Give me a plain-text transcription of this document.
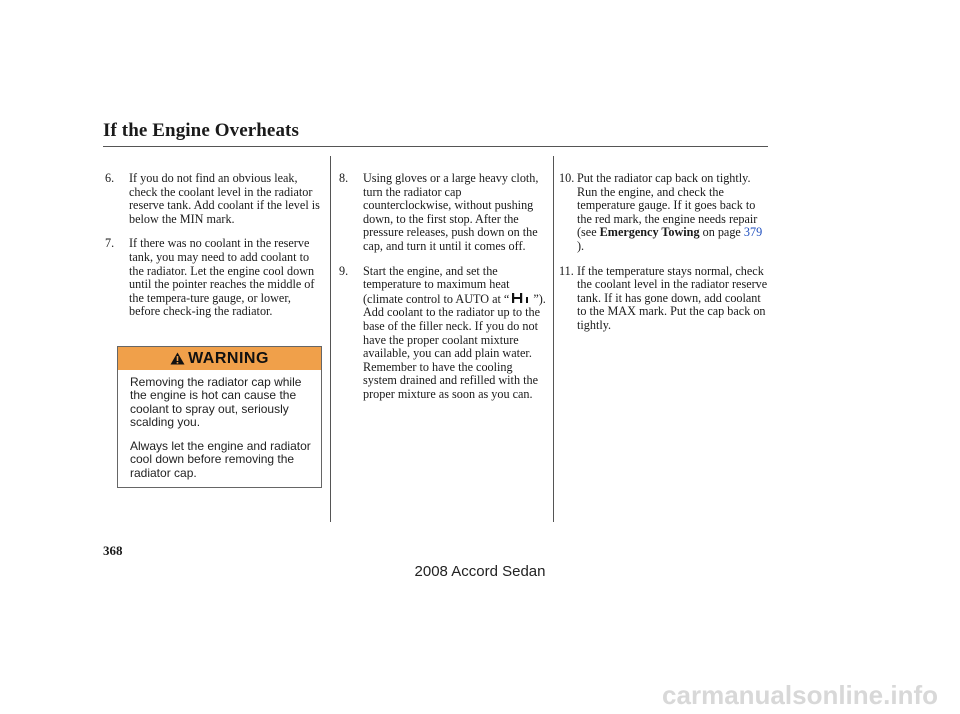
If the Engine Overheats
6.	If you do not find an obvious leak, check the coolant level in the radiator reserve tank. Add coolant if the level is below the MIN mark.

7.	If there was no coolant in the reserve tank, you may need to add coolant to the radiator. Let the engine cool down until the pointer reaches the middle of the tempera-ture gauge, or lower, before check-ing the radiator.

WARNING

Removing the radiator cap while the engine is hot can cause the coolant to spray out, seriously scalding you.

Always let the engine and radiator cool down before removing the radiator cap.

8.	Using gloves or a large heavy cloth, turn the radiator cap counterclockwise, without pushing down, to the first stop. After the pressure releases, push down on the cap, and turn it until it comes off.

9.	Start the engine, and set the temperature to maximum heat (climate control to AUTO at “ ”). Add coolant to the radiator up to the base of the filler neck. If you do not have the proper coolant mixture available, you can add plain water. Remember to have the cooling system drained and refilled with the proper mixture as soon as you can.

10. Put the radiator cap back on tightly. Run the engine, and check the temperature gauge. If it goes back to the red mark, the engine needs repair (see Emergency Towing on page 379 ).

11. If the temperature stays normal, check the coolant level in the radiator reserve tank. If it has gone down, add coolant to the MAX mark. Put the cap back on tightly.

368
2008 Accord Sedan
carmanualsonline.info
